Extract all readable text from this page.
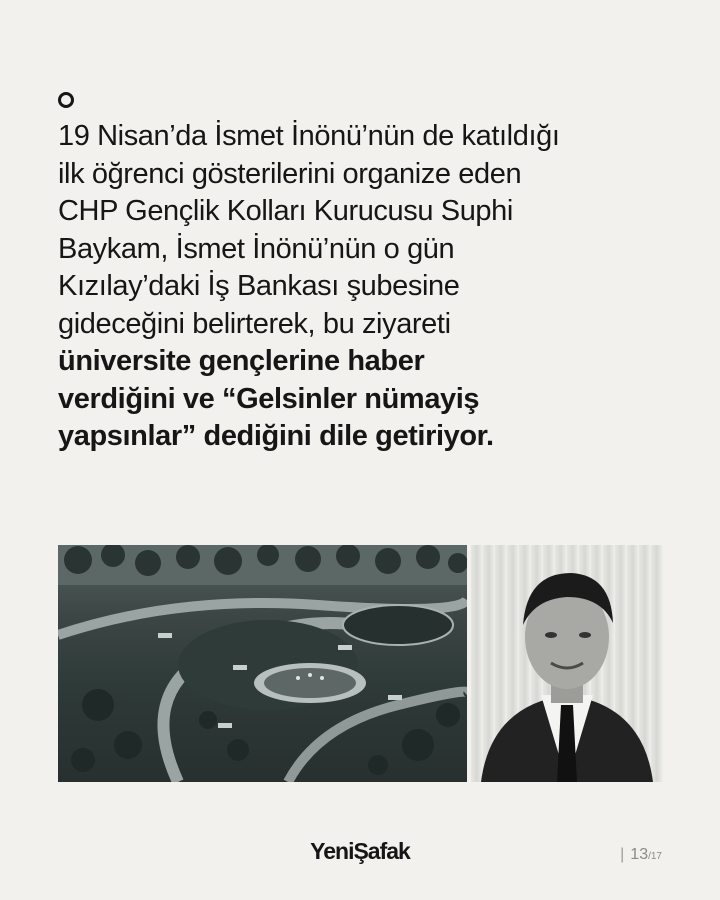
19 Nisan’da İsmet İnönü’nün de katıldığı
ilk öğrenci gösterilerini organize eden
CHP Gençlik Kolları Kurucusu Suphi
Baykam, İsmet İnönü’nün o gün
Kızılay’daki İş Bankası şubesine
gideceğini belirterek, bu ziyareti
üniversite gençlerine haber
verdiğini ve “Gelsinler nümayiş
yapsınlar” dediğini dile getiriyor.

YeniŞafak	| 13/17
